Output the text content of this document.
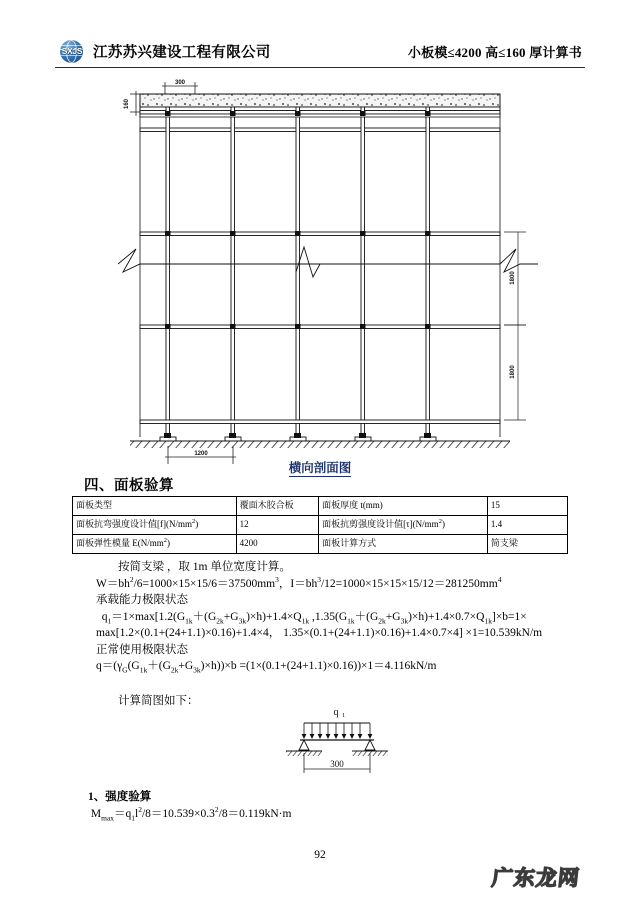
SXJS 江苏苏兴建设工程有限公司	小板模≤4200 高≤160 厚计算书
300
160
1800
1800
1200
横向剖面图
四、面板验算
面板类型	覆面木胶合板	面板厚度 t(mm)	15
面板抗弯强度设计值$[f](N/mm^2)$	12	面板抗剪强度设计值$[\tau](N/mm^2)$	1.4
面板弹性模量 $E(N/mm^2)$	4200	面板计算方式	简支梁
按简支梁 ，取 1m 单位宽度计算。
$W=bh^2/6=1000\times 15\times 15/6=37500mm^3$，$I=bh^3/12=1000\times 15\times 15\times 15/12=281250mm^4$
承载能力极限状态
$q_1=1\times\max[1.2(G_{1k}+(G_{2k}+G_{3k})\times h)+1.4\times Q_{1k}$ $,1.35(G_{1k}+(G_{2k}+G_{3k})\times h)+1.4\times 0.7\times Q_{1k}]\times b=1\times$
max[1.2×(0.1+(24+1.1)×0.16)+1.4×4， 1.35×(0.1+(24+1.1)×0.16)+1.4×0.7×4] ×1=10.539kN/m
正常使用极限状态
$q=(\gamma_G(G_{1k}+(G_{2k}+G_{3k})\times h))\times b =(1\times(0.1+(24+1.1)\times 0.16))\times 1=4.116kN/m$
计算简图如下：
q 1
300
1、强度验算
$M_{max}=q_1l^2/8=10.539\times 0.3^2/8=0.119kN\cdot m$
92
广东龙网
